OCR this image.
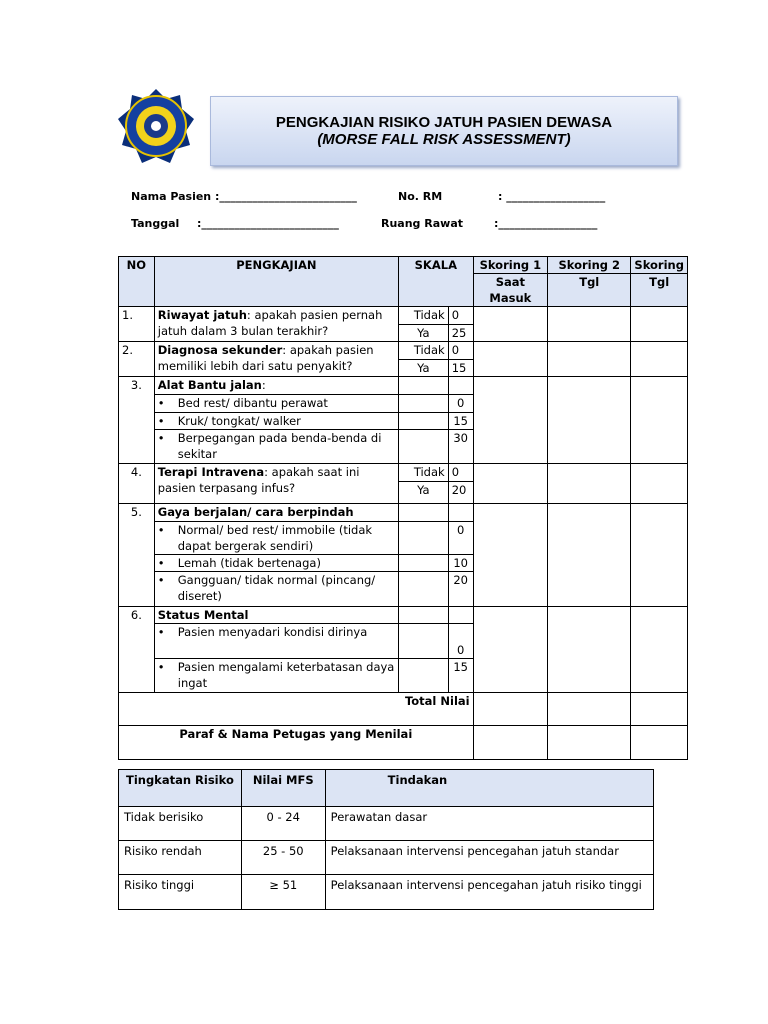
PENGKAJIAN RISIKO JATUH PASIEN DEWASA
(MORSE FALL RISK ASSESSMENT)
Nama Pasien :_________________________	No. RM	: __________________
Tanggal :_________________________	Ruang Rawat	:__________________
NO	PENGKAJIAN	SKALA		Skoring 1	Skoring 2	Skoring
				Saat Masuk	Tgl	Tgl
1.	Riwayat jatuh: apakah pasien pernah jatuh dalam 3 bulan terakhir?	Tidak	0			
		Ya	25			
2.	Diagnosa sekunder: apakah pasien memiliki lebih dari satu penyakit?	Tidak	0			
		Ya	15			
3.	Alat Bantu jalan:					

	• Bed rest/ dibantu perawat		0			

	• Kruk/ tongkat/ walker		15			

	• Berpegangan pada benda-benda di sekitar		30			
4.	Terapi Intravena: apakah saat ini pasien terpasang infus?	Tidak	0			
		Ya	20			
5.	Gaya berjalan/ cara berpindah					

	• Normal/ bed rest/ immobile (tidak dapat bergerak sendiri)		0			

	• Lemah (tidak bertenaga)		10			

	• Gangguan/ tidak normal (pincang/ diseret)		20			
6.	Status Mental					

	• Pasien menyadari kondisi dirinya		0			

	• Pasien mengalami keterbatasan daya ingat		15			
Total Nilai						
Paraf & Nama Petugas yang Menilai						
Tingkatan Risiko	Nilai MFS	Tindakan
Tidak berisiko	0 - 24	Perawatan dasar
Risiko rendah	25 - 50	Pelaksanaan intervensi pencegahan jatuh standar
Risiko tinggi	≥ 51	Pelaksanaan intervensi pencegahan jatuh risiko tinggi
